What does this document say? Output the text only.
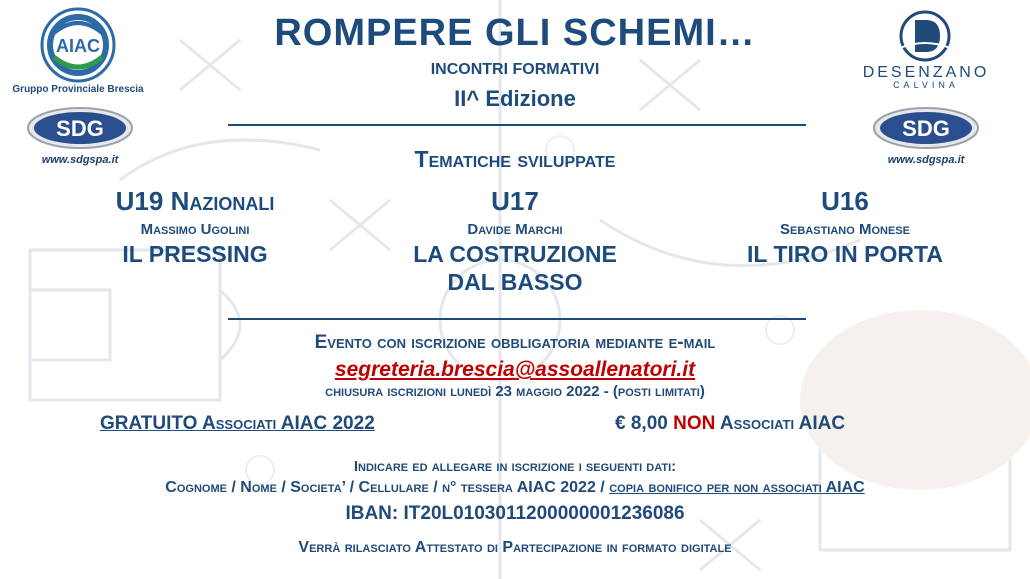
AIAC
Gruppo Provinciale Brescia
SDG
www.sdgspa.it
DESENZANO
CALVINA
SDG
www.sdgspa.it
ROMPERE GLI SCHEMI…
INCONTRI FORMATIVI
II^ Edizione
Tematiche sviluppate
U19 Nazionali
Massimo Ugolini
IL PRESSING
U17
Davide Marchi
LA COSTRUZIONE
DAL BASSO
U16
Sebastiano Monese
IL TIRO IN PORTA
Evento con iscrizione obbligatoria mediante e-mail
segreteria.brescia@assoallenatori.it
chiusura iscrizioni lunedì 23 maggio 2022 - (posti limitati)
GRATUITO Associati AIAC 2022	€ 8,00 NON Associati AIAC
Indicare ed allegare in iscrizione i seguenti dati:
Cognome / Nome / Societa’ / Cellulare / n° tessera AIAC 2022 / copia bonifico per non associati AIAC
IBAN: IT20L0103011200000001236086
Verrà rilasciato Attestato di Partecipazione in formato digitale
